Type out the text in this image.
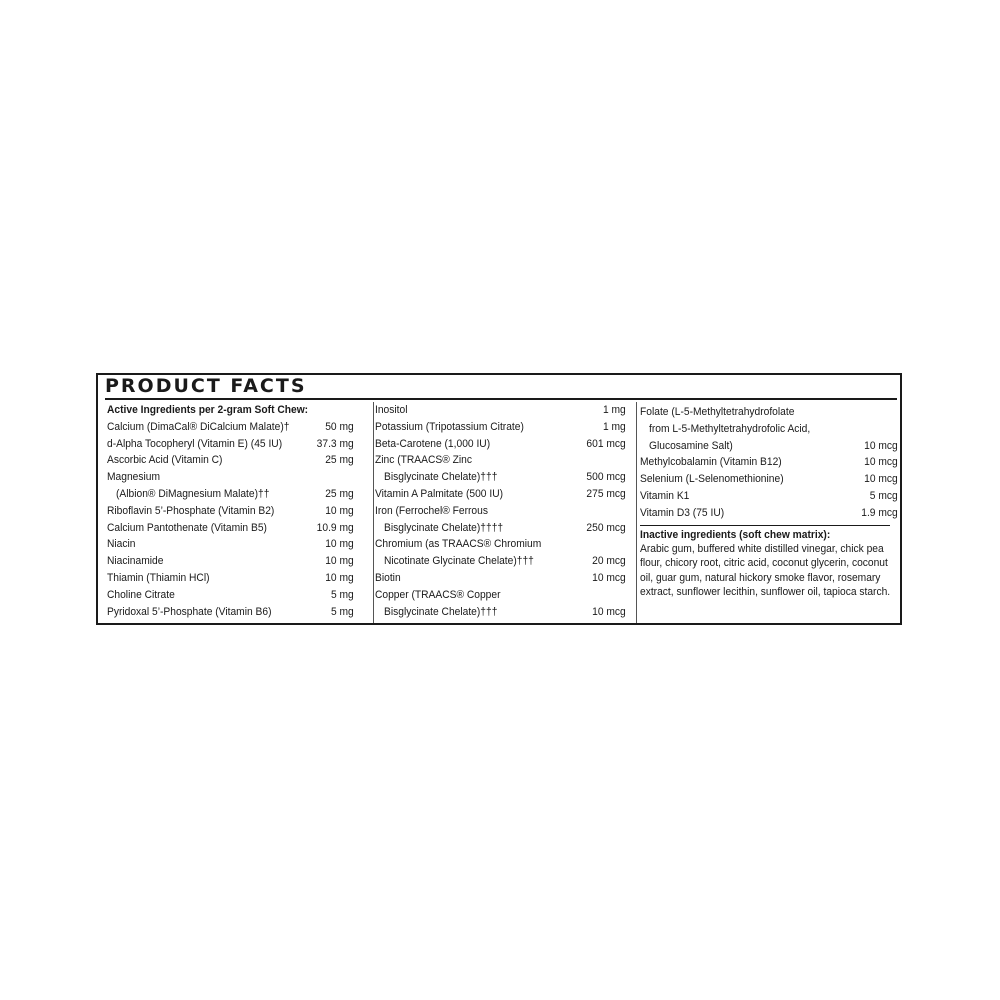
PRODUCT FACTS
Active Ingredients per 2-gram Soft Chew:
Calcium (DimaCal® DiCalcium Malate)†	50 mg
d-Alpha Tocopheryl (Vitamin E) (45 IU)	37.3 mg
Ascorbic Acid (Vitamin C)	25 mg
Magnesium
(Albion® DiMagnesium Malate)††	25 mg
Riboflavin 5’-Phosphate (Vitamin B2)	10 mg
Calcium Pantothenate (Vitamin B5)	10.9 mg
Niacin	10 mg
Niacinamide	10 mg
Thiamin (Thiamin HCl)	10 mg
Choline Citrate	5 mg
Pyridoxal 5’-Phosphate (Vitamin B6)	5 mg
Inositol	1 mg
Potassium (Tripotassium Citrate)	1 mg
Beta-Carotene (1,000 IU)	601 mcg
Zinc (TRAACS® Zinc
Bisglycinate Chelate)†††	500 mcg
Vitamin A Palmitate (500 IU)	275 mcg
Iron (Ferrochel® Ferrous
Bisglycinate Chelate)††††	250 mcg
Chromium (as TRAACS® Chromium
Nicotinate Glycinate Chelate)†††	20 mcg
Biotin	10 mcg
Copper (TRAACS® Copper
Bisglycinate Chelate)†††	10 mcg
Folate (L-5-Methyltetrahydrofolate
from L-5-Methyltetrahydrofolic Acid,
Glucosamine Salt)	10 mcg
Methylcobalamin (Vitamin B12)	10 mcg
Selenium (L-Selenomethionine)	10 mcg
Vitamin K1	5 mcg
Vitamin D3 (75 IU)	1.9 mcg
Inactive ingredients (soft chew matrix):
Arabic gum, buffered white distilled vinegar, chick pea flour, chicory root, citric acid, coconut glycerin, coconut oil, guar gum, natural hickory smoke flavor, rosemary extract, sunflower lecithin, sunflower oil, tapioca starch.
